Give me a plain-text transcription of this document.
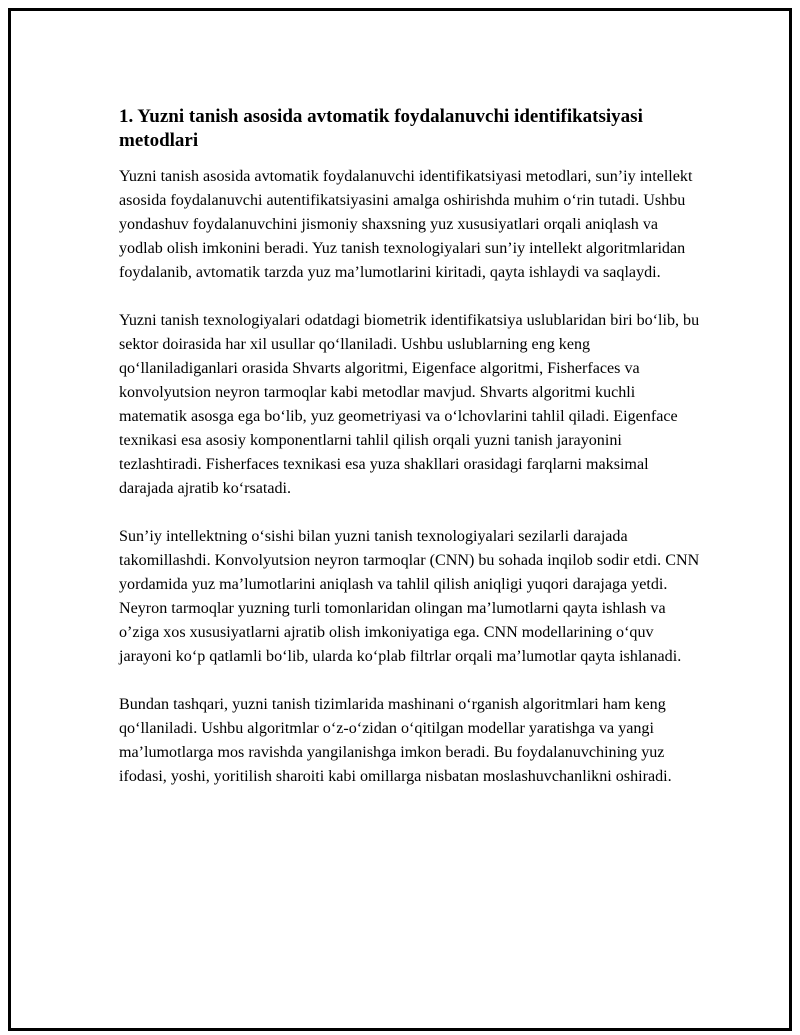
1. Yuzni tanish asosida avtomatik foydalanuvchi identifikatsiyasi metodlari

Yuzni tanish asosida avtomatik foydalanuvchi identifikatsiyasi metodlari, sun’iy intellekt asosida foydalanuvchi autentifikatsiyasini amalga oshirishda muhim o‘rin tutadi. Ushbu yondashuv foydalanuvchini jismoniy shaxsning yuz xususiyatlari orqali aniqlash va yodlab olish imkonini beradi. Yuz tanish texnologiyalari sun’iy intellekt algoritmlaridan foydalanib, avtomatik tarzda yuz ma’lumotlarini kiritadi, qayta ishlaydi va saqlaydi.

Yuzni tanish texnologiyalari odatdagi biometrik identifikatsiya uslublaridan biri bo‘lib, bu sektor doirasida har xil usullar qo‘llaniladi. Ushbu uslublarning eng keng qo‘llaniladiganlari orasida Shvarts algoritmi, Eigenface algoritmi, Fisherfaces va konvolyutsion neyron tarmoqlar kabi metodlar mavjud. Shvarts algoritmi kuchli matematik asosga ega bo‘lib, yuz geometriyasi va o‘lchovlarini tahlil qiladi. Eigenface texnikasi esa asosiy komponentlarni tahlil qilish orqali yuzni tanish jarayonini tezlashtiradi. Fisherfaces texnikasi esa yuza shakllari orasidagi farqlarni maksimal darajada ajratib ko‘rsatadi.

Sun’iy intellektning o‘sishi bilan yuzni tanish texnologiyalari sezilarli darajada takomillashdi. Konvolyutsion neyron tarmoqlar (CNN) bu sohada inqilob sodir etdi. CNN yordamida yuz ma’lumotlarini aniqlash va tahlil qilish aniqligi yuqori darajaga yetdi. Neyron tarmoqlar yuzning turli tomonlaridan olingan ma’lumotlarni qayta ishlash va o’ziga xos xususiyatlarni ajratib olish imkoniyatiga ega. CNN modellarining o‘quv jarayoni ko‘p qatlamli bo‘lib, ularda ko‘plab filtrlar orqali ma’lumotlar qayta ishlanadi.

Bundan tashqari, yuzni tanish tizimlarida mashinani o‘rganish algoritmlari ham keng qo‘llaniladi. Ushbu algoritmlar o‘z-o‘zidan o‘qitilgan modellar yaratishga va yangi ma’lumotlarga mos ravishda yangilanishga imkon beradi. Bu foydalanuvchining yuz ifodasi, yoshi, yoritilish sharoiti kabi omillarga nisbatan moslashuvchanlikni oshiradi.
